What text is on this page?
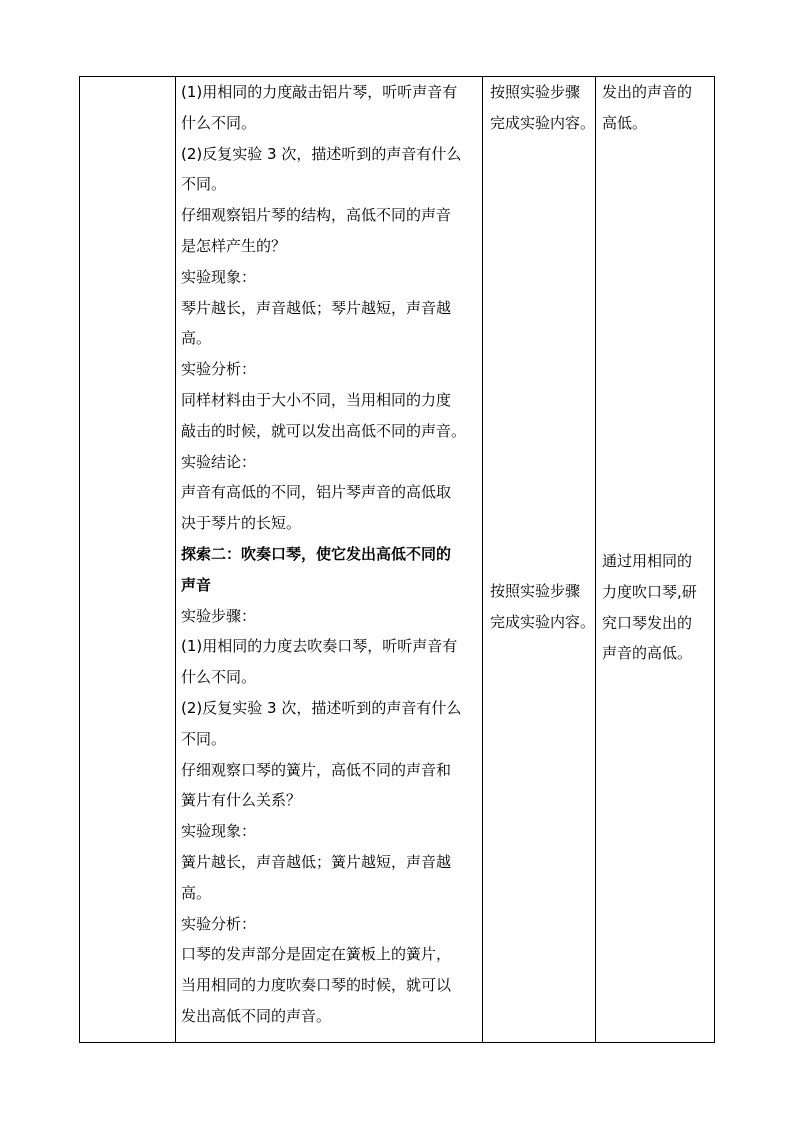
(1)用相同的力度敲击铝片琴，听听声音有

什么不同。

(2)反复实验 3 次，描述听到的声音有什么

不同。

仔细观察铝片琴的结构，高低不同的声音

是怎样产生的？

实验现象：

琴片越长，声音越低；琴片越短，声音越

高。

实验分析：

同样材料由于大小不同，当用相同的力度

敲击的时候，就可以发出高低不同的声音。

实验结论：

声音有高低的不同，铝片琴声音的高低取

决于琴片的长短。

探索二：吹奏口琴，使它发出高低不同的

声音

实验步骤：

(1)用相同的力度去吹奏口琴，听听声音有

什么不同。

(2)反复实验 3 次，描述听到的声音有什么

不同。

仔细观察口琴的簧片，高低不同的声音和

簧片有什么关系？

实验现象：

簧片越长，声音越低；簧片越短，声音越

高。

实验分析：

口琴的发声部分是固定在簧板上的簧片，

当用相同的力度吹奏口琴的时候，就可以

发出高低不同的声音。

按照实验步骤

完成实验内容。

按照实验步骤

完成实验内容。

发出的声音的

高低。

通过用相同的

力度吹口琴,研

究口琴发出的

声音的高低。
